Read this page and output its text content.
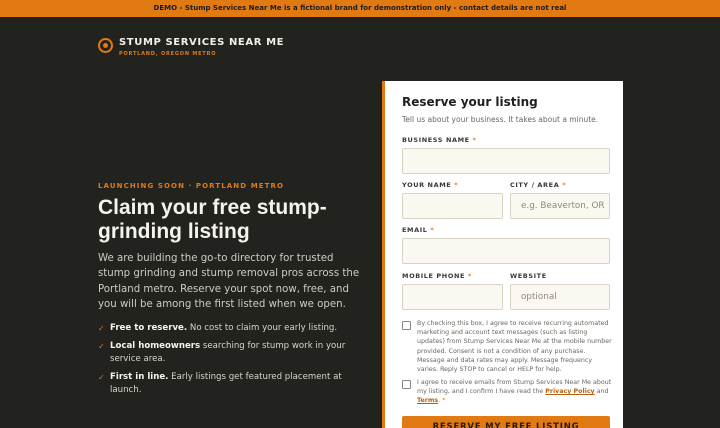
DEMO - Stump Services Near Me is a fictional brand for demonstration only - contact details are not real
STUMP SERVICES NEAR ME
PORTLAND, OREGON METRO
LAUNCHING SOON · PORTLAND METRO
Claim your free stump-grinding listing

We are building the go-to directory for trusted stump grinding and stump removal pros across the Portland metro. Reserve your spot now, free, and you will be among the first listed when we open.

✓ Free to reserve. No cost to claim your early listing.
✓ Local homeowners searching for stump work in your service area.
✓ First in line. Early listings get featured placement at launch.
Reserve your listing
Tell us about your business. It takes about a minute.
BUSINESS NAME *
YOUR NAME *	CITY / AREA *
e.g. Beaverton, OR
EMAIL *
MOBILE PHONE *	WEBSITE
optional
By checking this box, I agree to receive recurring automated marketing and account text messages (such as listing updates) from Stump Services Near Me at the mobile number provided. Consent is not a condition of any purchase. Message and data rates may apply. Message frequency varies. Reply STOP to cancel or HELP for help.
I agree to receive emails from Stump Services Near Me about my listing, and I confirm I have read the Privacy Policy and Terms. *
RESERVE MY FREE LISTING
